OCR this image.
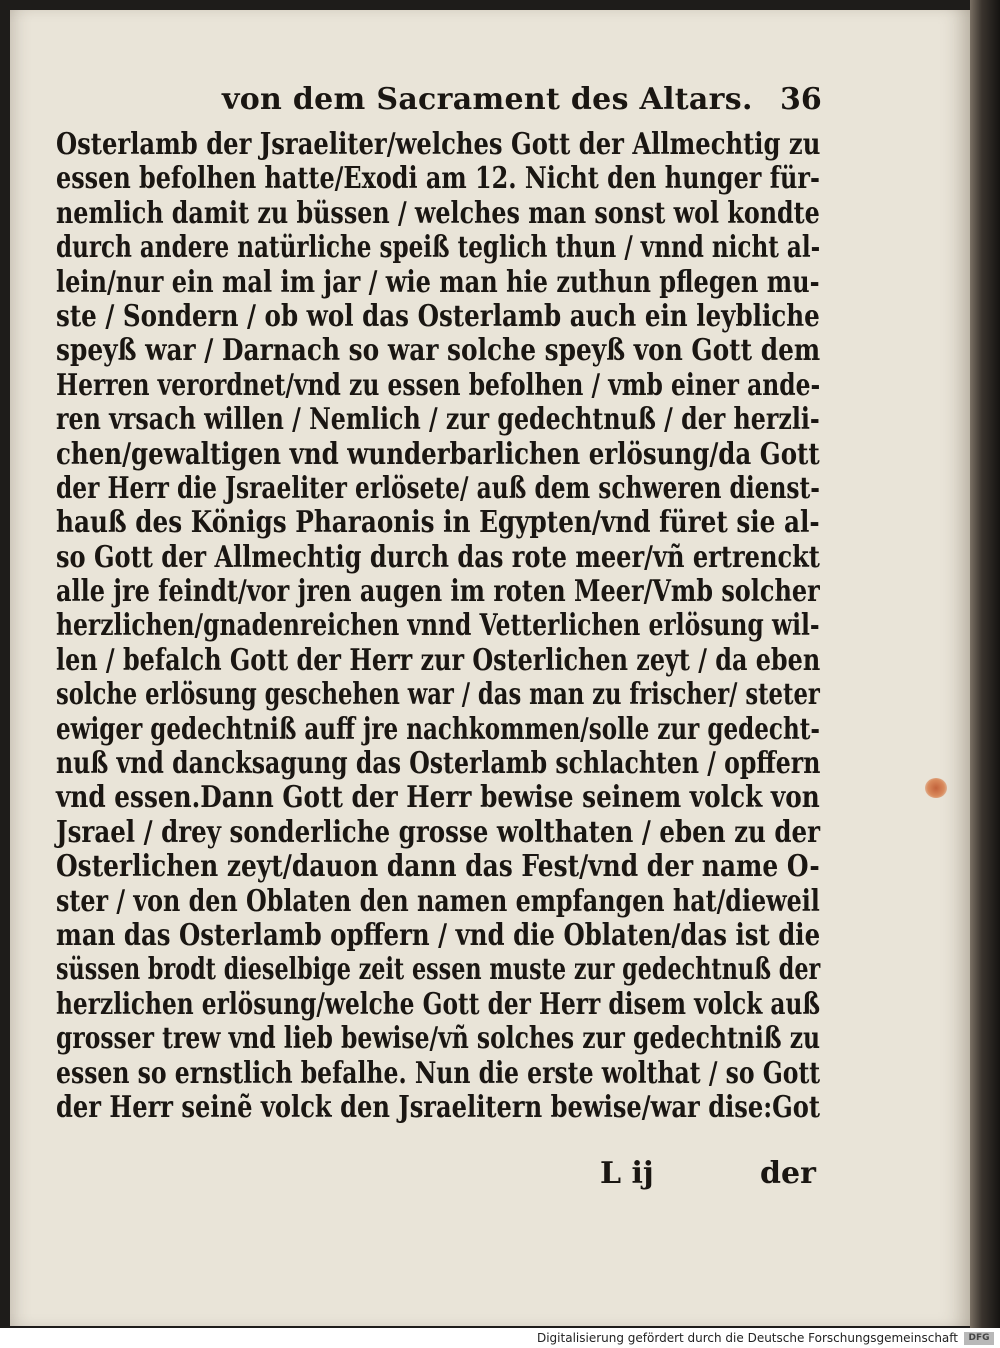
von dem Sacrament des Altars. 36
Osterlamb der Jsraeliter/welches Gott der Allmechtig zu
essen befolhen hatte/Exodi am 12. Nicht den hunger für-
nemlich damit zu büssen / welches man sonst wol kondte
durch andere natürliche speiß teglich thun / vnnd nicht al-
lein/nur ein mal im jar / wie man hie zuthun pflegen mu-
ste / Sondern / ob wol das Osterlamb auch ein leybliche
speyß war / Darnach so war solche speyß von Gott dem
Herren verordnet/vnd zu essen befolhen / vmb einer ande-
ren vrsach willen / Nemlich / zur gedechtnuß / der herzli-
chen/gewaltigen vnd wunderbarlichen erlösung/da Gott
der Herr die Jsraeliter erlösete/ auß dem schweren dienst-
hauß des Königs Pharaonis in Egypten/vnd füret sie al-
so Gott der Allmechtig durch das rote meer/vñ ertrenckt
alle jre feindt/vor jren augen im roten Meer/Vmb solcher
herzlichen/gnadenreichen vnnd Vetterlichen erlösung wil-
len / befalch Gott der Herr zur Osterlichen zeyt / da eben
solche erlösung geschehen war / das man zu frischer/ steter
ewiger gedechtniß auff jre nachkommen/solle zur gedecht-
nuß vnd dancksagung das Osterlamb schlachten / opffern
vnd essen.Dann Gott der Herr bewise seinem volck von
Jsrael / drey sonderliche grosse wolthaten / eben zu der
Osterlichen zeyt/dauon dann das Fest/vnd der name O-
ster / von den Oblaten den namen empfangen hat/dieweil
man das Osterlamb opffern / vnd die Oblaten/das ist die
süssen brodt dieselbige zeit essen muste zur gedechtnuß der
herzlichen erlösung/welche Gott der Herr disem volck auß
grosser trew vnd lieb bewise/vñ solches zur gedechtniß zu
essen so ernstlich befalhe. Nun die erste wolthat / so Gott
der Herr seinẽ volck den Jsraelitern bewise/war dise:Got
L ij	der
Digitalisierung gefördert durch die Deutsche Forschungsgemeinschaft	DFG
